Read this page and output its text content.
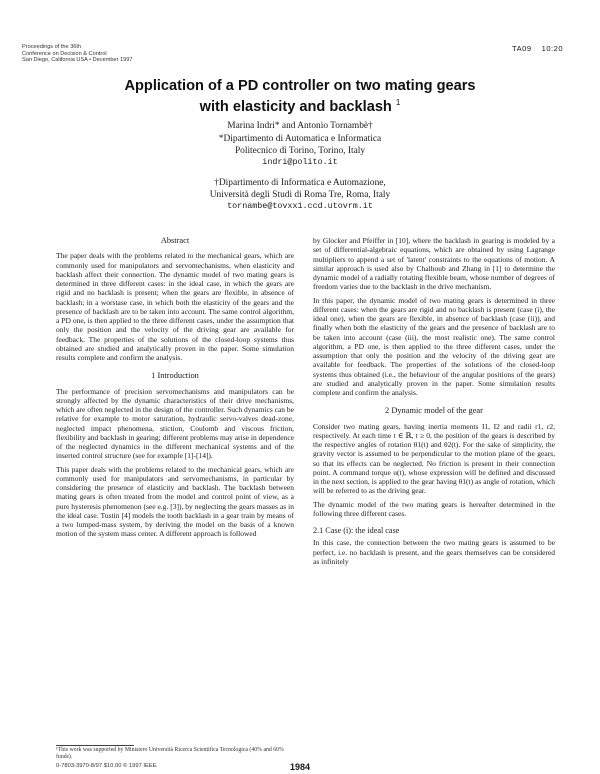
Proceedings of the 36th
Conference on Decision & Control
San Diego, California USA • December 1997
TA09 10:20
Application of a PD controller on two mating gears
with elasticity and backlash $^1$
Marina Indri* and Antonio Tornambè†
*Dipartimento di Automatica e Informatica
Politecnico di Torino, Torino, Italy
indri@polito.it
†Dipartimento di Informatica e Automazione,
Università degli Studi di Roma Tre, Roma, Italy
tornambe@tovxx1.ccd.utovrm.it
Abstract

The paper deals with the problems related to the mechanical gears, which are commonly used for manipulators and servomechanisms, when elasticity and backlash affect their connection. The dynamic model of two mating gears is determined in three different cases: in the ideal case, in which the gears are rigid and no backlash is present; when the gears are flexible, in absence of backlash; in a worstase case, in which both the elasticity of the gears and the presence of backlash are to be taken into account. The same control algorithm, a PD one, is then applied to the three different cases, under the assumption that only the position and the velocity of the driving gear are available for feedback. The properties of the solutions of the closed-loop systems thus obtained are studied and analytically proven in the paper. Some simulation results complete and confirm the analysis.

1 Introduction

The performance of precision servomechanisms and manipulators can be strongly affected by the dynamic characteristics of their drive mechanisms, which are often neglected in the design of the controller. Such dynamics can be relative for example to motor saturation, hydraulic servo-valves dead-zone, neglected impact phenomena, stiction, Coulomb and viscous friction, flexibility and backlash in gearing; different problems may arise in dependence of the neglected dynamics in the different mechanical systems and of the inserted control structure (see for example [1]-[14]).

This paper deals with the problems related to the mechanical gears, which are commonly used for manipulators and servomechanisms, in particular by considering the presence of elasticity and backlash. The backlash between mating gears is often treated from the model and control point of view, as a pure hysteresis phenomenon (see e.g. [3]), by neglecting the gears masses as in the ideal case. Tustin [4] models the tooth backlash in a gear train by means of a two lumped-mass system, by deriving the model on the basis of a known motion of the system mass center. A different approach is followed

by Glocker and Pfeiffer in [10], where the backlash in gearing is modeled by a set of differential-algebraic equations, which are obtained by using Lagrange multipliers to append a set of 'latent' constraints to the equations of motion. A similar approach is used also by Chalhoub and Zhang in [1] to determine the dynamic model of a radially rotating flexible beam, whose number of degrees of freedom varies due to the backlash in the drive mechanism.

In this paper, the dynamic model of two mating gears is determined in three different cases: when the gears are rigid and no backlash is present (case (i), the ideal one), when the gears are flexible, in absence of backlash (case (ii)), and finally when both the elasticity of the gears and the presence of backlash are to be taken into account (case (iii), the most realistic one). The same control algorithm, a PD one, is then applied to the three different cases, under the assumption that only the position and the velocity of the driving gear are available for feedback. The properties of the solutions of the closed-loop systems thus obtained (i.e., the behaviour of the angular positions of the gears) are studied and analytically proven in the paper. Some simulation results complete and confirm the analysis.

2 Dynamic model of the gear

Consider two mating gears, having inertia moments I1, I2 and radii r1, r2, respectively. At each time t ∈ ℝ, t ≥ 0, the position of the gears is described by the respective angles of rotation θ1(t) and θ2(t). For the sake of simplicity, the gravity vector is assumed to be perpendicular to the motion plane of the gears, so that its effects can be neglected. No friction is present in their connection point. A command torque u(t), whose expression will be defined and discussed in the next section, is applied to the gear having θ1(t) as angle of rotation, which will be referred to as the driving gear.

The dynamic model of the two mating gears is hereafter determined in the following three different cases.

2.1 Case (i): the ideal case

In this case, the connection between the two mating gears is assumed to be perfect, i.e. no backlash is present, and the gears themselves can be considered as infinitely

¹This work was supported by Ministero Università Ricerca Scientifica Tecnologica (40% and 60% funds).
0-7803-3970-8/97 $10.00 © 1997 IEEE	1984
